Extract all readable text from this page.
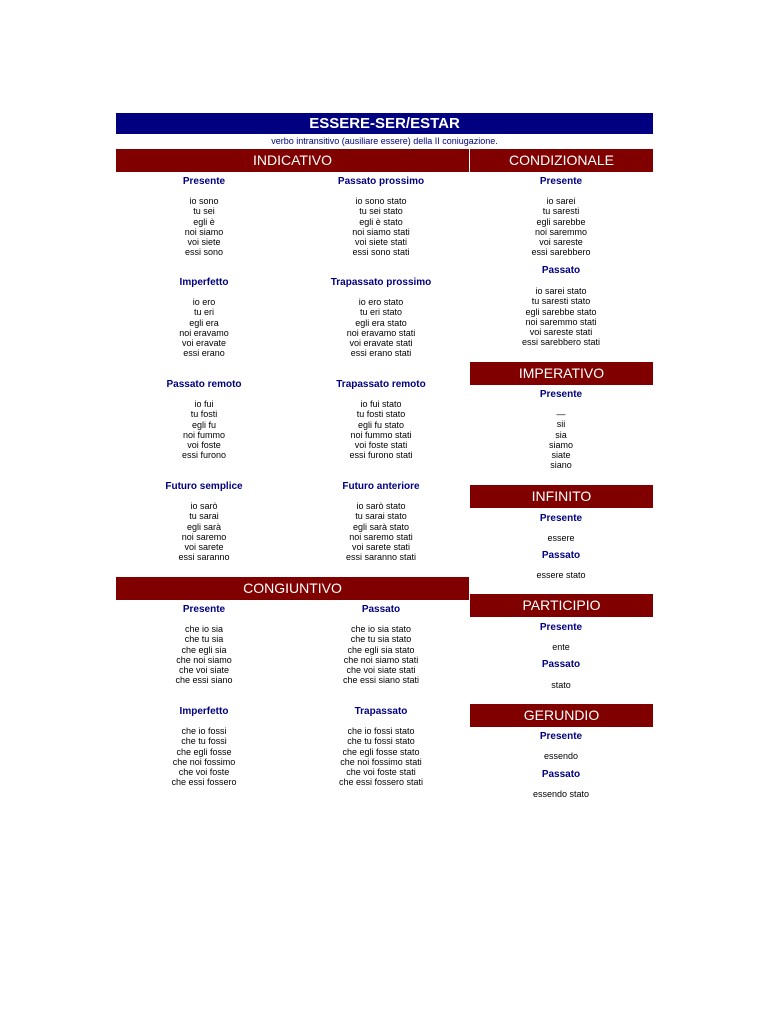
ESSERE-SER/ESTAR
verbo intransitivo (ausiliare essere) della II coniugazione.
INDICATIVO
Presente
io sono
tu sei
egli è
noi siamo
voi siete
essi sono
Passato prossimo
io sono stato
tu sei stato
egli è stato
noi siamo stati
voi siete stati
essi sono stati
Imperfetto
io ero
tu eri
egli era
noi eravamo
voi eravate
essi erano
Trapassato prossimo
io ero stato
tu eri stato
egli era stato
noi eravamo stati
voi eravate stati
essi erano stati
Passato remoto
io fui
tu fosti
egli fu
noi fummo
voi foste
essi furono
Trapassato remoto
io fui stato
tu fosti stato
egli fu stato
noi fummo stati
voi foste stati
essi furono stati
Futuro semplice
io sarò
tu sarai
egli sarà
noi saremo
voi sarete
essi saranno
Futuro anteriore
io sarò stato
tu sarai stato
egli sarà stato
noi saremo stati
voi sarete stati
essi saranno stati
CONGIUNTIVO
Presente
che io sia
che tu sia
che egli sia
che noi siamo
che voi siate
che essi siano
Passato
che io sia stato
che tu sia stato
che egli sia stato
che noi siamo stati
che voi siate stati
che essi siano stati
Imperfetto
che io fossi
che tu fossi
che egli fosse
che noi fossimo
che voi foste
che essi fossero
Trapassato
che io fossi stato
che tu fossi stato
che egli fosse stato
che noi fossimo stati
che voi foste stati
che essi fossero stati
CONDIZIONALE
Presente
io sarei
tu saresti
egli sarebbe
noi saremmo
voi sareste
essi sarebbero
Passato
io sarei stato
tu saresti stato
egli sarebbe stato
noi saremmo stati
voi sareste stati
essi sarebbero stati
IMPERATIVO
Presente
—
sii
sia
siamo
siate
siano
INFINITO
Presente
essere
Passato
essere stato
PARTICIPIO
Presente
ente
Passato
stato
GERUNDIO
Presente
essendo
Passato
essendo stato
